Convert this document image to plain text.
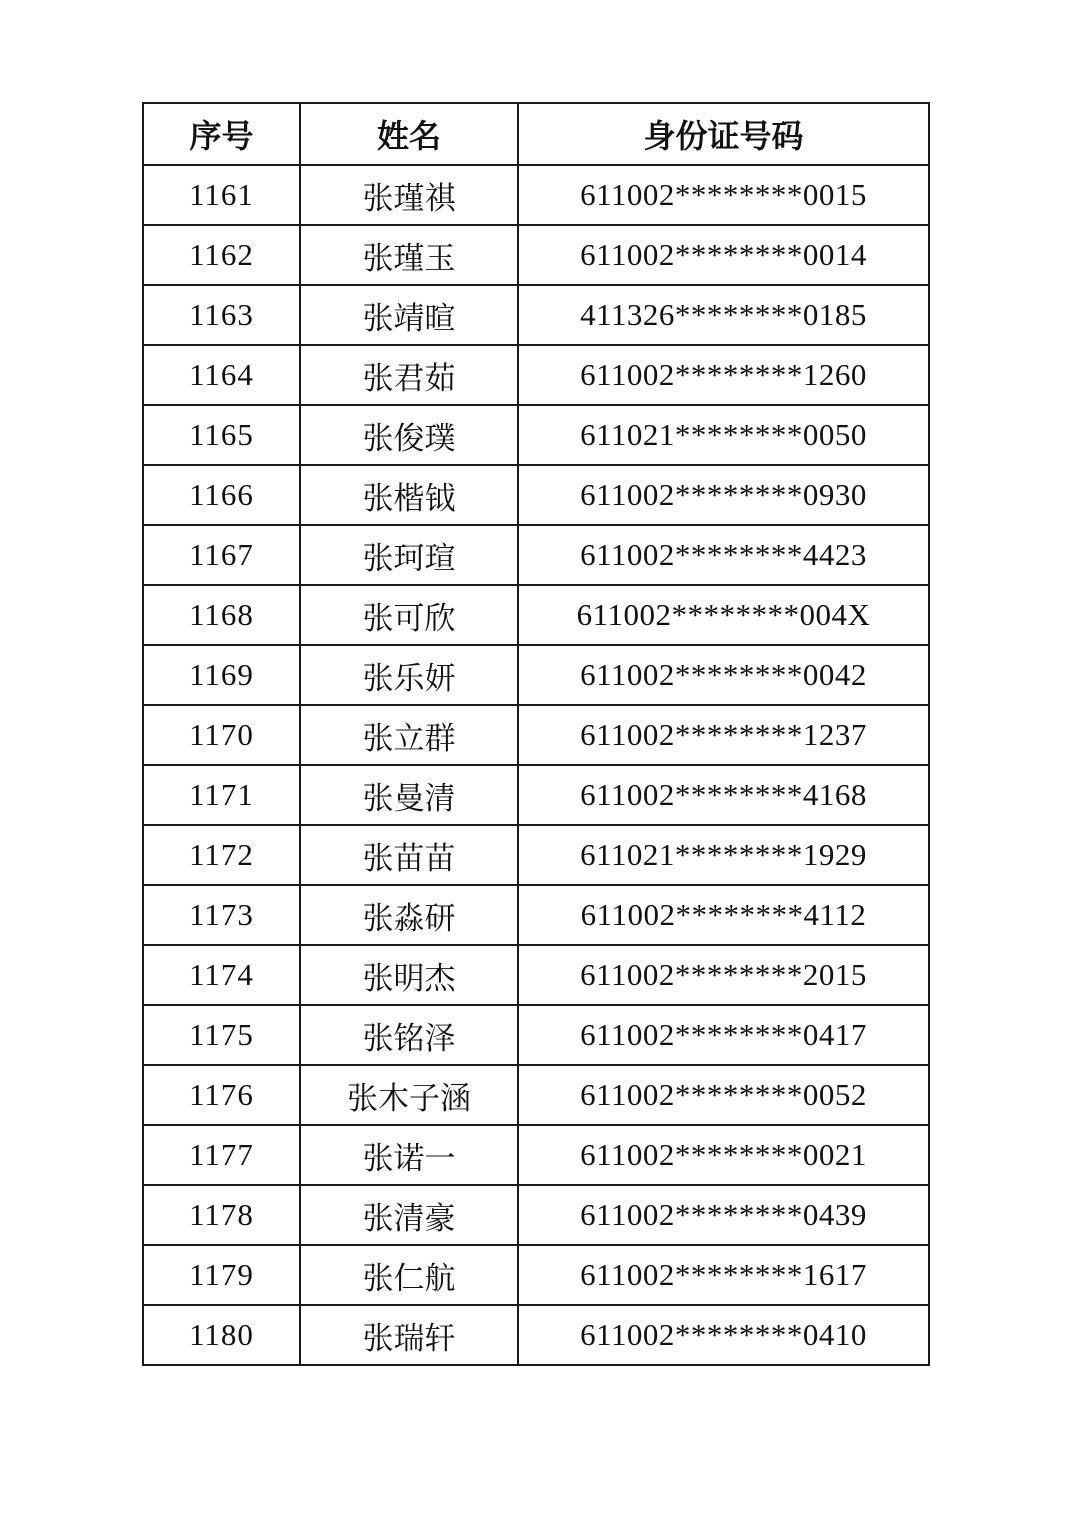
序号	姓名	身份证号码
1161	张瑾祺	611002********0015
1162	张瑾玉	611002********0014
1163	张靖暄	411326********0185
1164	张君茹	611002********1260
1165	张俊璞	611021********0050
1166	张楷钺	611002********0930
1167	张珂瑄	611002********4423
1168	张可欣	611002********004X
1169	张乐妍	611002********0042
1170	张立群	611002********1237
1171	张曼清	611002********4168
1172	张苗苗	611021********1929
1173	张淼研	611002********4112
1174	张明杰	611002********2015
1175	张铭泽	611002********0417
1176	张木子涵	611002********0052
1177	张诺一	611002********0021
1178	张清豪	611002********0439
1179	张仁航	611002********1617
1180	张瑞轩	611002********0410
